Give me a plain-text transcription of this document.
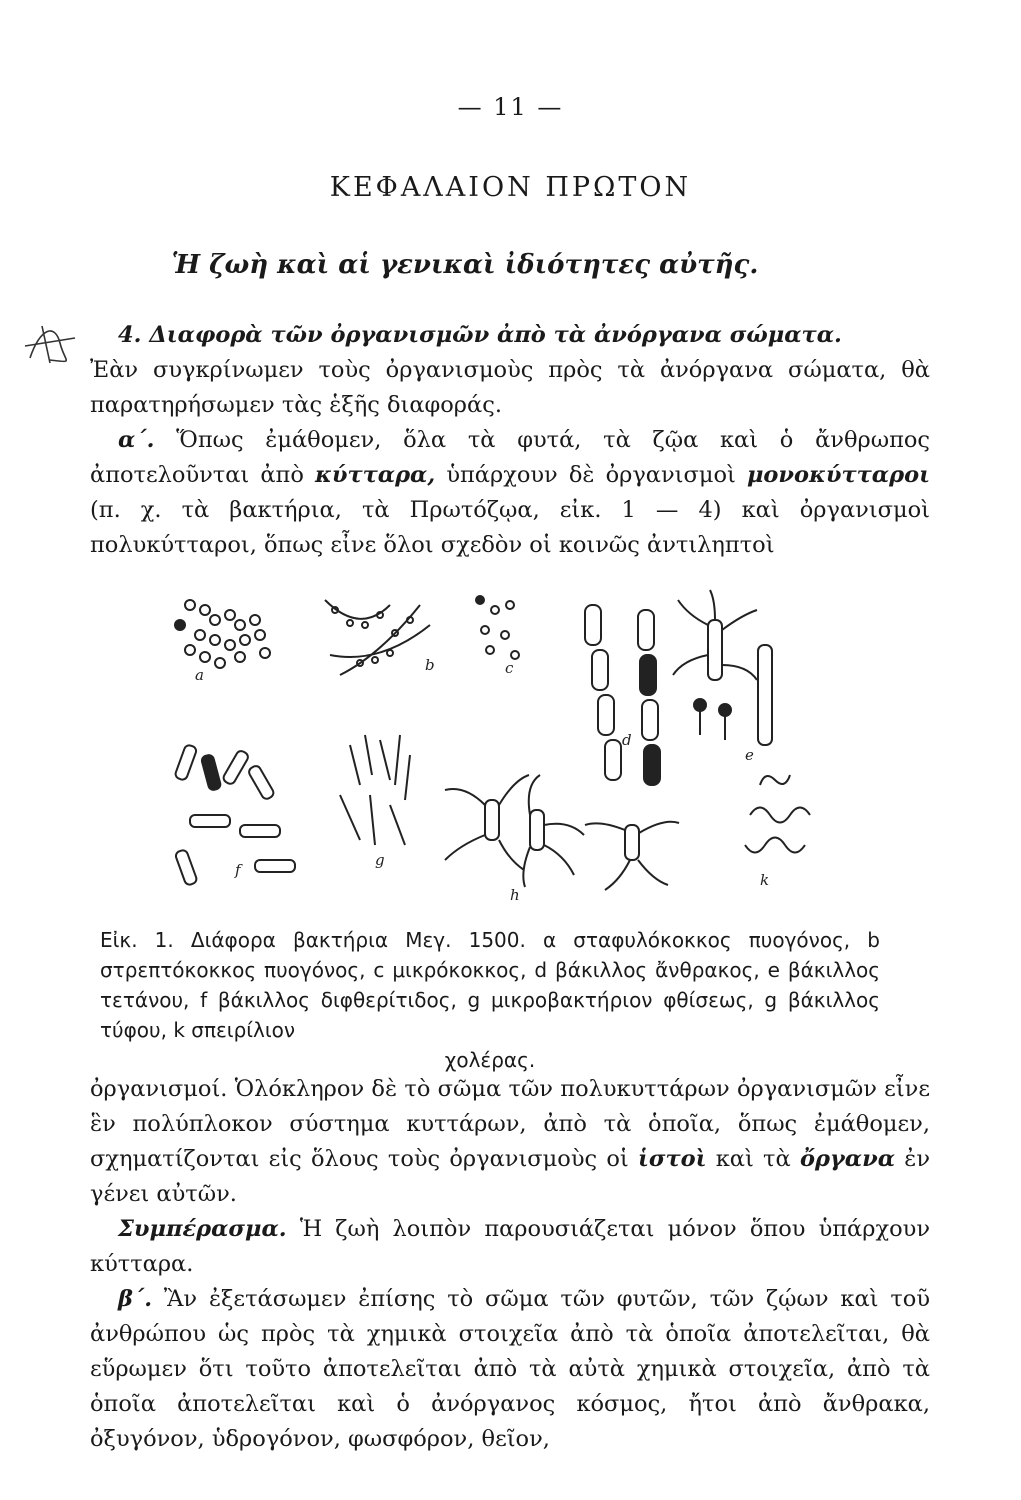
— 11 —
ΚΕΦΑΛΑΙΟΝ ΠΡΩΤΟΝ
Ἡ ζωὴ καὶ αἱ γενικαὶ ἰδιότητες αὐτῆς.

4. Διαφορὰ τῶν ὀργανισμῶν ἀπὸ τὰ ἀνόργανα σώματα.

Ἐὰν συγκρίνωμεν τοὺς ὀργανισμοὺς πρὸς τὰ ἀνόργανα σώματα, θὰ παρατηρήσωμεν τὰς ἑξῆς διαφοράς.

α΄. Ὅπως ἐμάθομεν, ὅλα τὰ φυτά, τὰ ζῷα καὶ ὁ ἄνθρωπος ἀποτελοῦνται ἀπὸ κύτταρα, ὑπάρχουν δὲ ὀργανισμοὶ μονοκύτταροι (π. χ. τὰ βακτήρια, τὰ Πρωτόζῳα, εἰκ. 1 — 4) καὶ ὀργανισμοὶ πολυκύτταροι, ὅπως εἶνε ὅλοι σχεδὸν οἱ κοινῶς ἀντιληπτοὶ

a
b	c
d
e
f
g
h
k

Εἰκ. 1. Διάφορα βακτήρια Μεγ. 1500. α σταφυλόκοκκος πυογόνος, b στρεπτόκοκκος πυογόνος, c μικρόκοκκος, d βάκιλλος ἄνθρακος, e βάκιλλος τετάνου, f βάκιλλος διφθερίτιδος, g μικροβακτήριον φθίσεως, g βάκιλλος τύφου, k σπειρίλιον

χολέρας.

ὀργανισμοί. Ὁλόκληρον δὲ τὸ σῶμα τῶν πολυκυττάρων ὀργανισμῶν εἶνε ἓν πολύπλοκον σύστημα κυττάρων, ἀπὸ τὰ ὁποῖα, ὅπως ἐμάθομεν, σχηματίζονται εἰς ὅλους τοὺς ὀργανισμοὺς οἱ ἱστοὶ καὶ τὰ ὄργανα ἐν γένει αὐτῶν.

Συμπέρασμα. Ἡ ζωὴ λοιπὸν παρουσιάζεται μόνον ὅπου ὑπάρχουν κύτταρα.

β΄. Ἂν ἐξετάσωμεν ἐπίσης τὸ σῶμα τῶν φυτῶν, τῶν ζῴων καὶ τοῦ ἀνθρώπου ὡς πρὸς τὰ χημικὰ στοιχεῖα ἀπὸ τὰ ὁποῖα ἀποτελεῖται, θὰ εὕρωμεν ὅτι τοῦτο ἀποτελεῖται ἀπὸ τὰ αὐτὰ χημικὰ στοιχεῖα, ἀπὸ τὰ ὁποῖα ἀποτελεῖται καὶ ὁ ἀνόργανος κόσμος, ἤτοι ἀπὸ ἄνθρακα, ὀξυγόνον, ὑδρογόνον, φωσφόρον, θεῖον,
